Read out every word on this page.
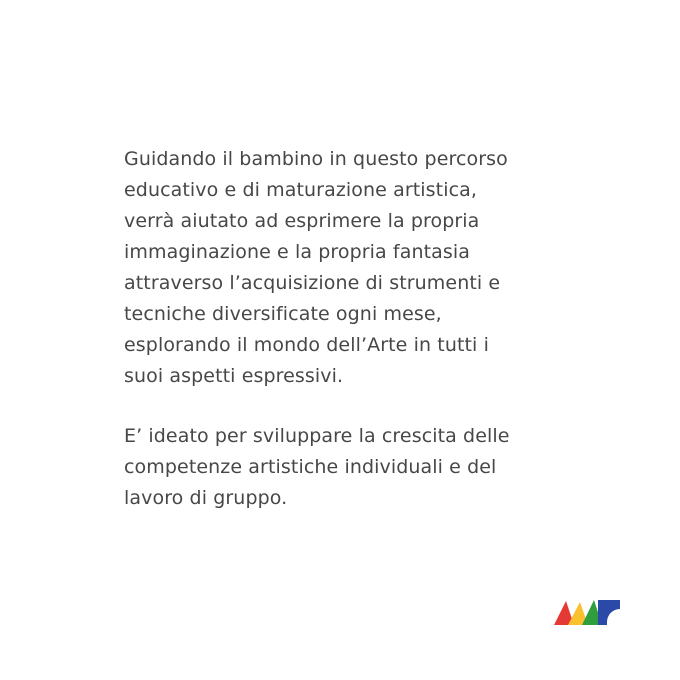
Guidando il bambino in questo percorso
educativo e di maturazione artistica,
verrà aiutato ad esprimere la propria
immaginazione e la propria fantasia
attraverso l’acquisizione di strumenti e
tecniche diversificate ogni mese,
esplorando il mondo dell’Arte in tutti i
suoi aspetti espressivi.

E’ ideato per sviluppare la crescita delle
competenze artistiche individuali e del
lavoro di gruppo.
